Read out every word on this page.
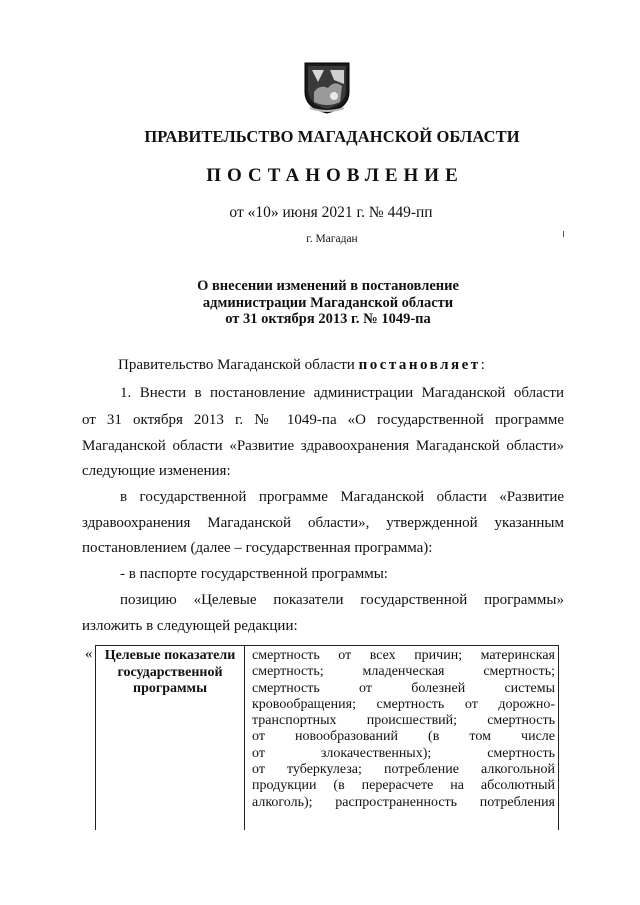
ПРАВИТЕЛЬСТВО МАГАДАНСКОЙ ОБЛАСТИ
ПОСТАНОВЛЕНИЕ
от «10» июня 2021 г. № 449-пп
г. Магадан
О внесении изменений в постановление
администрации Магаданской области
от 31 октября 2013 г. № 1049-па
Правительство Магаданской области постановляет:
1. Внести в постановление администрации Магаданской области
от 31 октября 2013 г. № 1049-па «О государственной программе
Магаданской области «Развитие здравоохранения Магаданской области»
следующие изменения:
в государственной программе Магаданской области «Развитие
здравоохранения Магаданской области», утвержденной указанным
постановлением (далее – государственная программа):
- в паспорте государственной программы:
позицию «Целевые показатели государственной программы»
изложить в следующей редакции:
« Целевые показатели
государственной
программы
смертность от всех причин; материнская
смертность; младенческая смертность;
смертность от болезней системы
кровообращения; смертность от дорожно-
транспортных происшествий; смертность
от новообразований (в том числе
от злокачественных); смертность
от туберкулеза; потребление алкогольной
продукции (в перерасчете на абсолютный
алкоголь); распространенность потребления
